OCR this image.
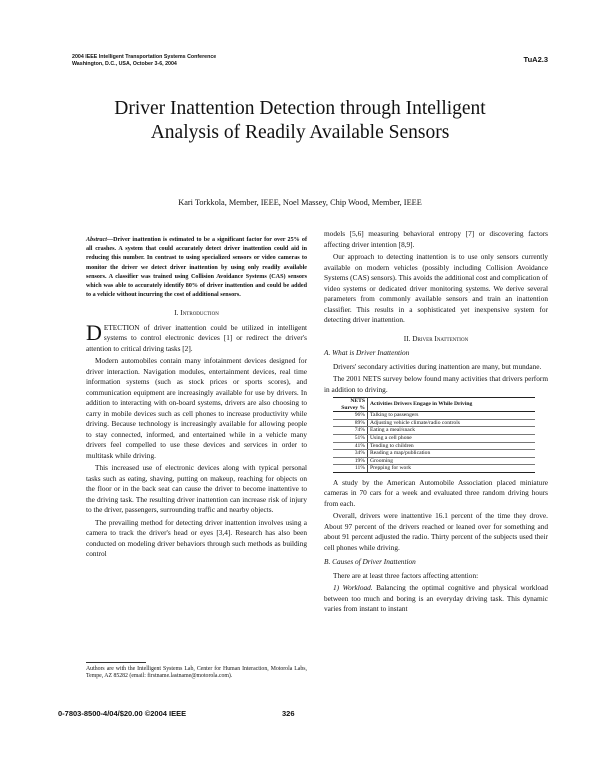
2004 IEEE Intelligent Transportation Systems Conference
Washington, D.C., USA, October 3-6, 2004	TuA2.3
Driver Inattention Detection through Intelligent
Analysis of Readily Available Sensors
Kari Torkkola, Member, IEEE, Noel Massey, Chip Wood, Member, IEEE
Abstract—Driver inattention is estimated to be a significant factor for over 25% of all crashes. A system that could accurately detect driver inattention could aid in reducing this number. In contrast to using specialized sensors or video cameras to monitor the driver we detect driver inattention by using only readily available sensors. A classifier was trained using Collision Avoidance Systems (CAS) sensors which was able to accurately identify 80% of driver inattention and could be added to a vehicle without incurring the cost of additional sensors.
I. Introduction

DETECTION of driver inattention could be utilized in intelligent systems to control electronic devices [1] or redirect the driver's attention to critical driving tasks [2].

Modern automobiles contain many infotainment devices designed for driver interaction. Navigation modules, entertainment devices, real time information systems (such as stock prices or sports scores), and communication equipment are increasingly available for use by drivers. In addition to interacting with on-board systems, drivers are also choosing to carry in mobile devices such as cell phones to increase productivity while driving. Because technology is increasingly available for allowing people to stay connected, informed, and entertained while in a vehicle many drivers feel compelled to use these devices and services in order to multitask while driving.

This increased use of electronic devices along with typical personal tasks such as eating, shaving, putting on makeup, reaching for objects on the floor or in the back seat can cause the driver to become inattentive to the driving task. The resulting driver inattention can increase risk of injury to the driver, passengers, surrounding traffic and nearby objects.

The prevailing method for detecting driver inattention involves using a camera to track the driver's head or eyes [3,4]. Research has also been conducted on modeling driver behaviors through such methods as building control

Authors are with the Intelligent Systems Lab, Center for Human Interaction, Motorola Labs, Tempe, AZ 85282 (email: firstname.lastname@motorola.com).

models [5,6] measuring behavioral entropy [7] or discovering factors affecting driver intention [8,9].

Our approach to detecting inattention is to use only sensors currently available on modern vehicles (possibly including Collision Avoidance Systems (CAS) sensors). This avoids the additional cost and complication of video systems or dedicated driver monitoring systems. We derive several parameters from commonly available sensors and train an inattention classifier. This results in a sophisticated yet inexpensive system for detecting driver inattention.

II. Driver Inattention
A. What is Driver Inattention

Drivers' secondary activities during inattention are many, but mundane.

The 2001 NETS survey below found many activities that drivers perform in addition to driving.

NETS Survey %	Activities Drivers Engage in While Driving
96%	Talking to passengers
89%	Adjusting vehicle climate/radio controls
74%	Eating a meal/snack
51%	Using a cell phone
41%	Tending to children
34%	Reading a map/publication
19%	Grooming
11%	Prepping for work

A study by the American Automobile Association placed miniature cameras in 70 cars for a week and evaluated three random driving hours from each.

Overall, drivers were inattentive 16.1 percent of the time they drove. About 97 percent of the drivers reached or leaned over for something and about 91 percent adjusted the radio. Thirty percent of the subjects used their cell phones while driving.

B. Causes of Driver Inattention

There are at least three factors affecting attention:

1) Workload. Balancing the optimal cognitive and physical workload between too much and boring is an everyday driving task. This dynamic varies from instant to instant

0-7803-8500-4/04/$20.00 ©2004 IEEE	326
